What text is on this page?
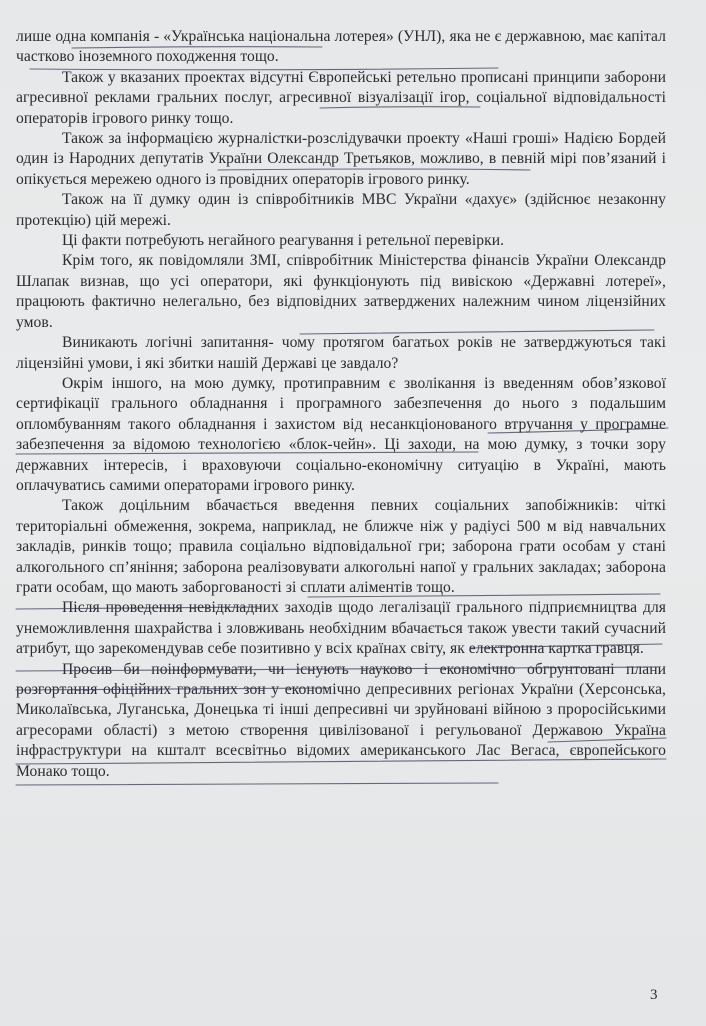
лише одна компанія - «Українська національна лотерея» (УНЛ), яка не є державною, має капітал частково іноземного походження тощо.

Також у вказаних проектах відсутні Європейські ретельно прописані принципи заборони агресивної реклами гральних послуг, агресивної візуалізації ігор, соціальної відповідальності операторів ігрового ринку тощо.

Також за інформацією журналістки-розслідувачки проекту «Наші гроші» Надією Бордей один із Народних депутатів України Олександр Третьяков, можливо, в певній мірі пов’язаний і опікується мережею одного із провідних операторів ігрового ринку.

Також на її думку один із співробітників МВС України «дахує» (здійснює незаконну протекцію) цій мережі.

Ці факти потребують негайного реагування і ретельної перевірки.

Крім того, як повідомляли ЗМІ, співробітник Міністерства фінансів України Олександр Шлапак визнав, що усі оператори, які функціонують під вивіскою «Державні лотереї», працюють фактично нелегально, без відповідних затверджених належним чином ліцензійних умов.

Виникають логічні запитання- чому протягом багатьох років не затверджуються такі ліцензійні умови, і які збитки нашій Державі це завдало?

Окрім іншого, на мою думку, протиправним є зволікання із введенням обов’язкової сертифікації грального обладнання і програмного забезпечення до нього з подальшим опломбуванням такого обладнання і захистом від несанкціонованого втручання у програмне забезпечення за відомою технологією «блок-чейн». Ці заходи, на мою думку, з точки зору державних інтересів, і враховуючи соціально-економічну ситуацію в Україні, мають оплачуватись самими операторами ігрового ринку.

Також доцільним вбачається введення певних соціальних запобіжників: чіткі територіальні обмеження, зокрема, наприклад, не ближче ніж у радіусі 500 м від навчальних закладів, ринків тощо; правила соціально відповідальної гри; заборона грати особам у стані алкогольного сп’яніння; заборона реалізовувати алкогольні напої у гральних закладах; заборона грати особам, що мають заборгованості зі сплати аліментів тощо.

Після проведення невідкладних заходів щодо легалізації грального підприємництва для унеможливлення шахрайства і зловживань необхідним вбачається також увести такий сучасний атрибут, що зарекомендував себе позитивно у всіх країнах світу, як електронна картка гравця.

Просив би поінформувати, чи існують науково і економічно обгрунтовані плани розгортання офіційних гральних зон у економічно депресивних регіонах України (Херсонська, Миколаївська, Луганська, Донецька ті інші депресивні чи зруйновані війною з проросійськими агресорами області) з метою створення цивілізованої і регульованої Державою Україна інфраструктури на кшталт всесвітньо відомих американського Лас Вегаса, європейського Монако тощо.

3
